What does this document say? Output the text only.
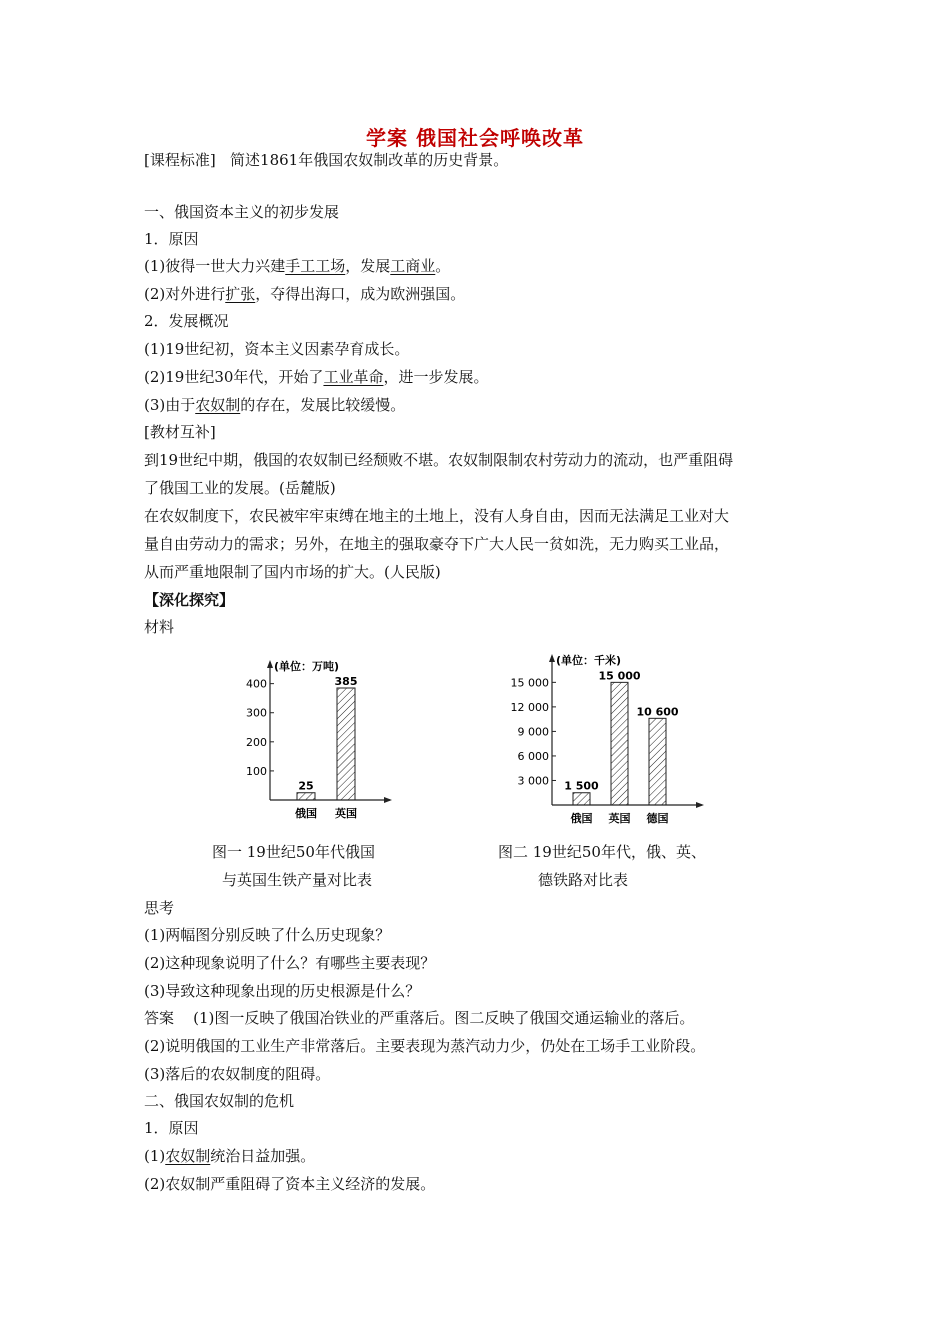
学案 俄国社会呼唤改革
[课程标准] 简述1861年俄国农奴制改革的历史背景。
一、俄国资本主义的初步发展
1．原因
(1)彼得一世大力兴建手工工场，发展工商业。
(2)对外进行扩张，夺得出海口，成为欧洲强国。
2．发展概况
(1)19世纪初，资本主义因素孕育成长。
(2)19世纪30年代，开始了工业革命，进一步发展。
(3)由于农奴制的存在，发展比较缓慢。
[教材互补]
到19世纪中期，俄国的农奴制已经颓败不堪。农奴制限制农村劳动力的流动，也严重阻碍
了俄国工业的发展。(岳麓版)
在农奴制度下，农民被牢牢束缚在地主的土地上，没有人身自由，因而无法满足工业对大
量自由劳动力的需求；另外，在地主的强取豪夺下广大人民一贫如洗，无力购买工业品，
从而严重地限制了国内市场的扩大。(人民版)
【深化探究】
材料
(单位：万吨)
100
200
300
400
25
俄国
385
英国
(单位：千米)
3 000
6 000
9 000
12 000
15 000
1 500
俄国
15 000
英国
10 600
德国
图一 19世纪50年代俄国
与英国生铁产量对比表
图二 19世纪50年代，俄、英、
德铁路对比表
思考
(1)两幅图分别反映了什么历史现象？
(2)这种现象说明了什么？有哪些主要表现？
(3)导致这种现象出现的历史根源是什么？
答案 (1)图一反映了俄国冶铁业的严重落后。图二反映了俄国交通运输业的落后。
(2)说明俄国的工业生产非常落后。主要表现为蒸汽动力少，仍处在工场手工业阶段。
(3)落后的农奴制度的阻碍。
二、俄国农奴制的危机
1．原因
(1)农奴制统治日益加强。
(2)农奴制严重阻碍了资本主义经济的发展。
